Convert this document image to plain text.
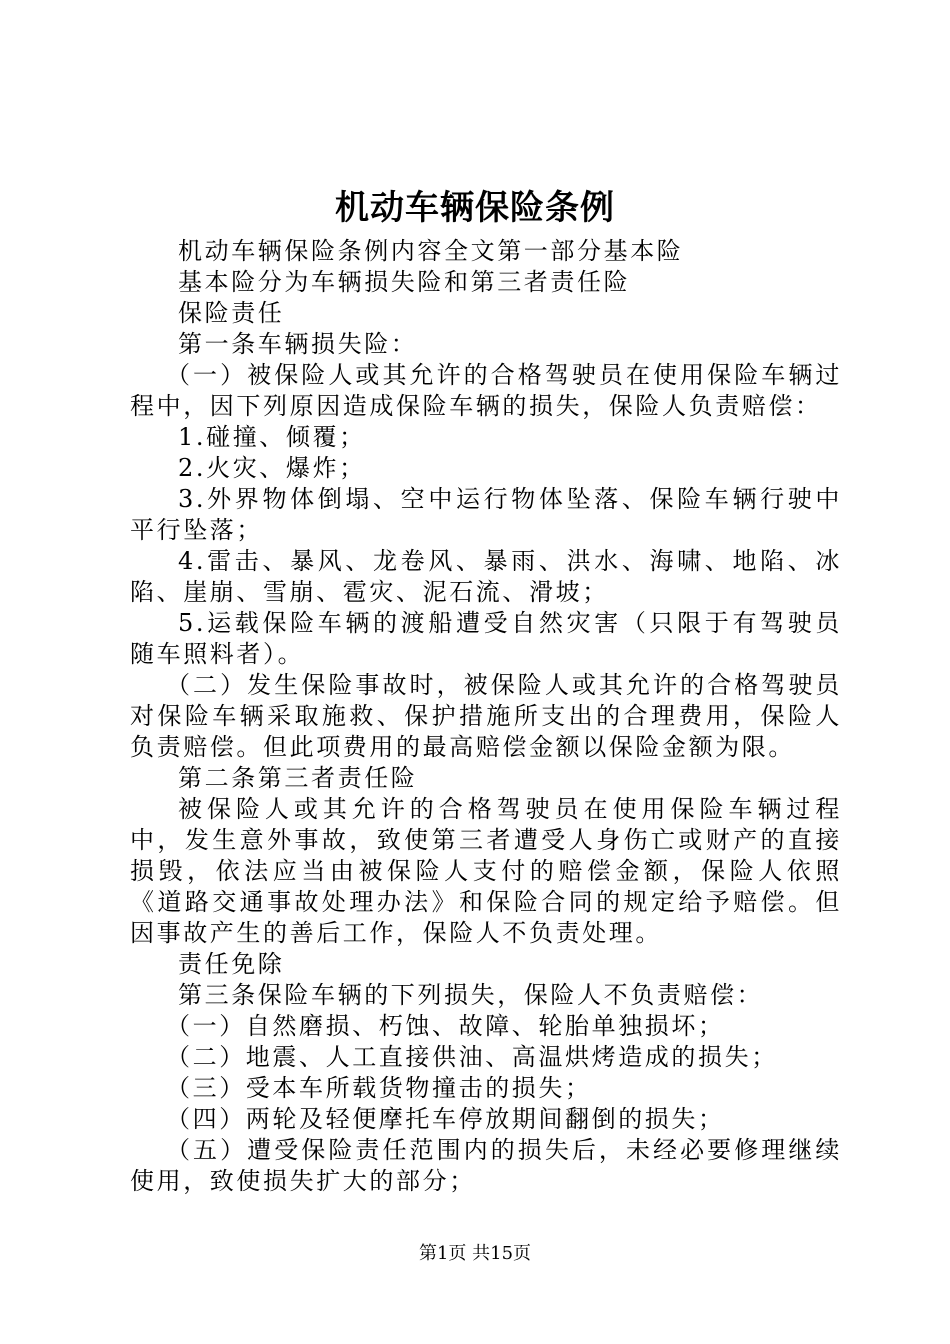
机动车辆保险条例

机动车辆保险条例内容全文第一部分基本险

基本险分为车辆损失险和第三者责任险

保险责任

第一条车辆损失险：

（一）被保险人或其允许的合格驾驶员在使用保险车辆过程中，因下列原因造成保险车辆的损失，保险人负责赔偿：

1.碰撞、倾覆；

2.火灾、爆炸；

3.外界物体倒塌、空中运行物体坠落、保险车辆行驶中平行坠落；

4.雷击、暴风、龙卷风、暴雨、洪水、海啸、地陷、冰陷、崖崩、雪崩、雹灾、泥石流、滑坡；

5.运载保险车辆的渡船遭受自然灾害（只限于有驾驶员随车照料者）。

（二）发生保险事故时，被保险人或其允许的合格驾驶员对保险车辆采取施救、保护措施所支出的合理费用，保险人负责赔偿。但此项费用的最高赔偿金额以保险金额为限。

第二条第三者责任险

被保险人或其允许的合格驾驶员在使用保险车辆过程中，发生意外事故，致使第三者遭受人身伤亡或财产的直接损毁，依法应当由被保险人支付的赔偿金额，保险人依照《道路交通事故处理办法》和保险合同的规定给予赔偿。但因事故产生的善后工作，保险人不负责处理。

责任免除

第三条保险车辆的下列损失，保险人不负责赔偿：

（一）自然磨损、朽蚀、故障、轮胎单独损坏；

（二）地震、人工直接供油、高温烘烤造成的损失；

（三）受本车所载货物撞击的损失；

（四）两轮及轻便摩托车停放期间翻倒的损失；

（五）遭受保险责任范围内的损失后，未经必要修理继续使用，致使损失扩大的部分；

第1页 共15页
